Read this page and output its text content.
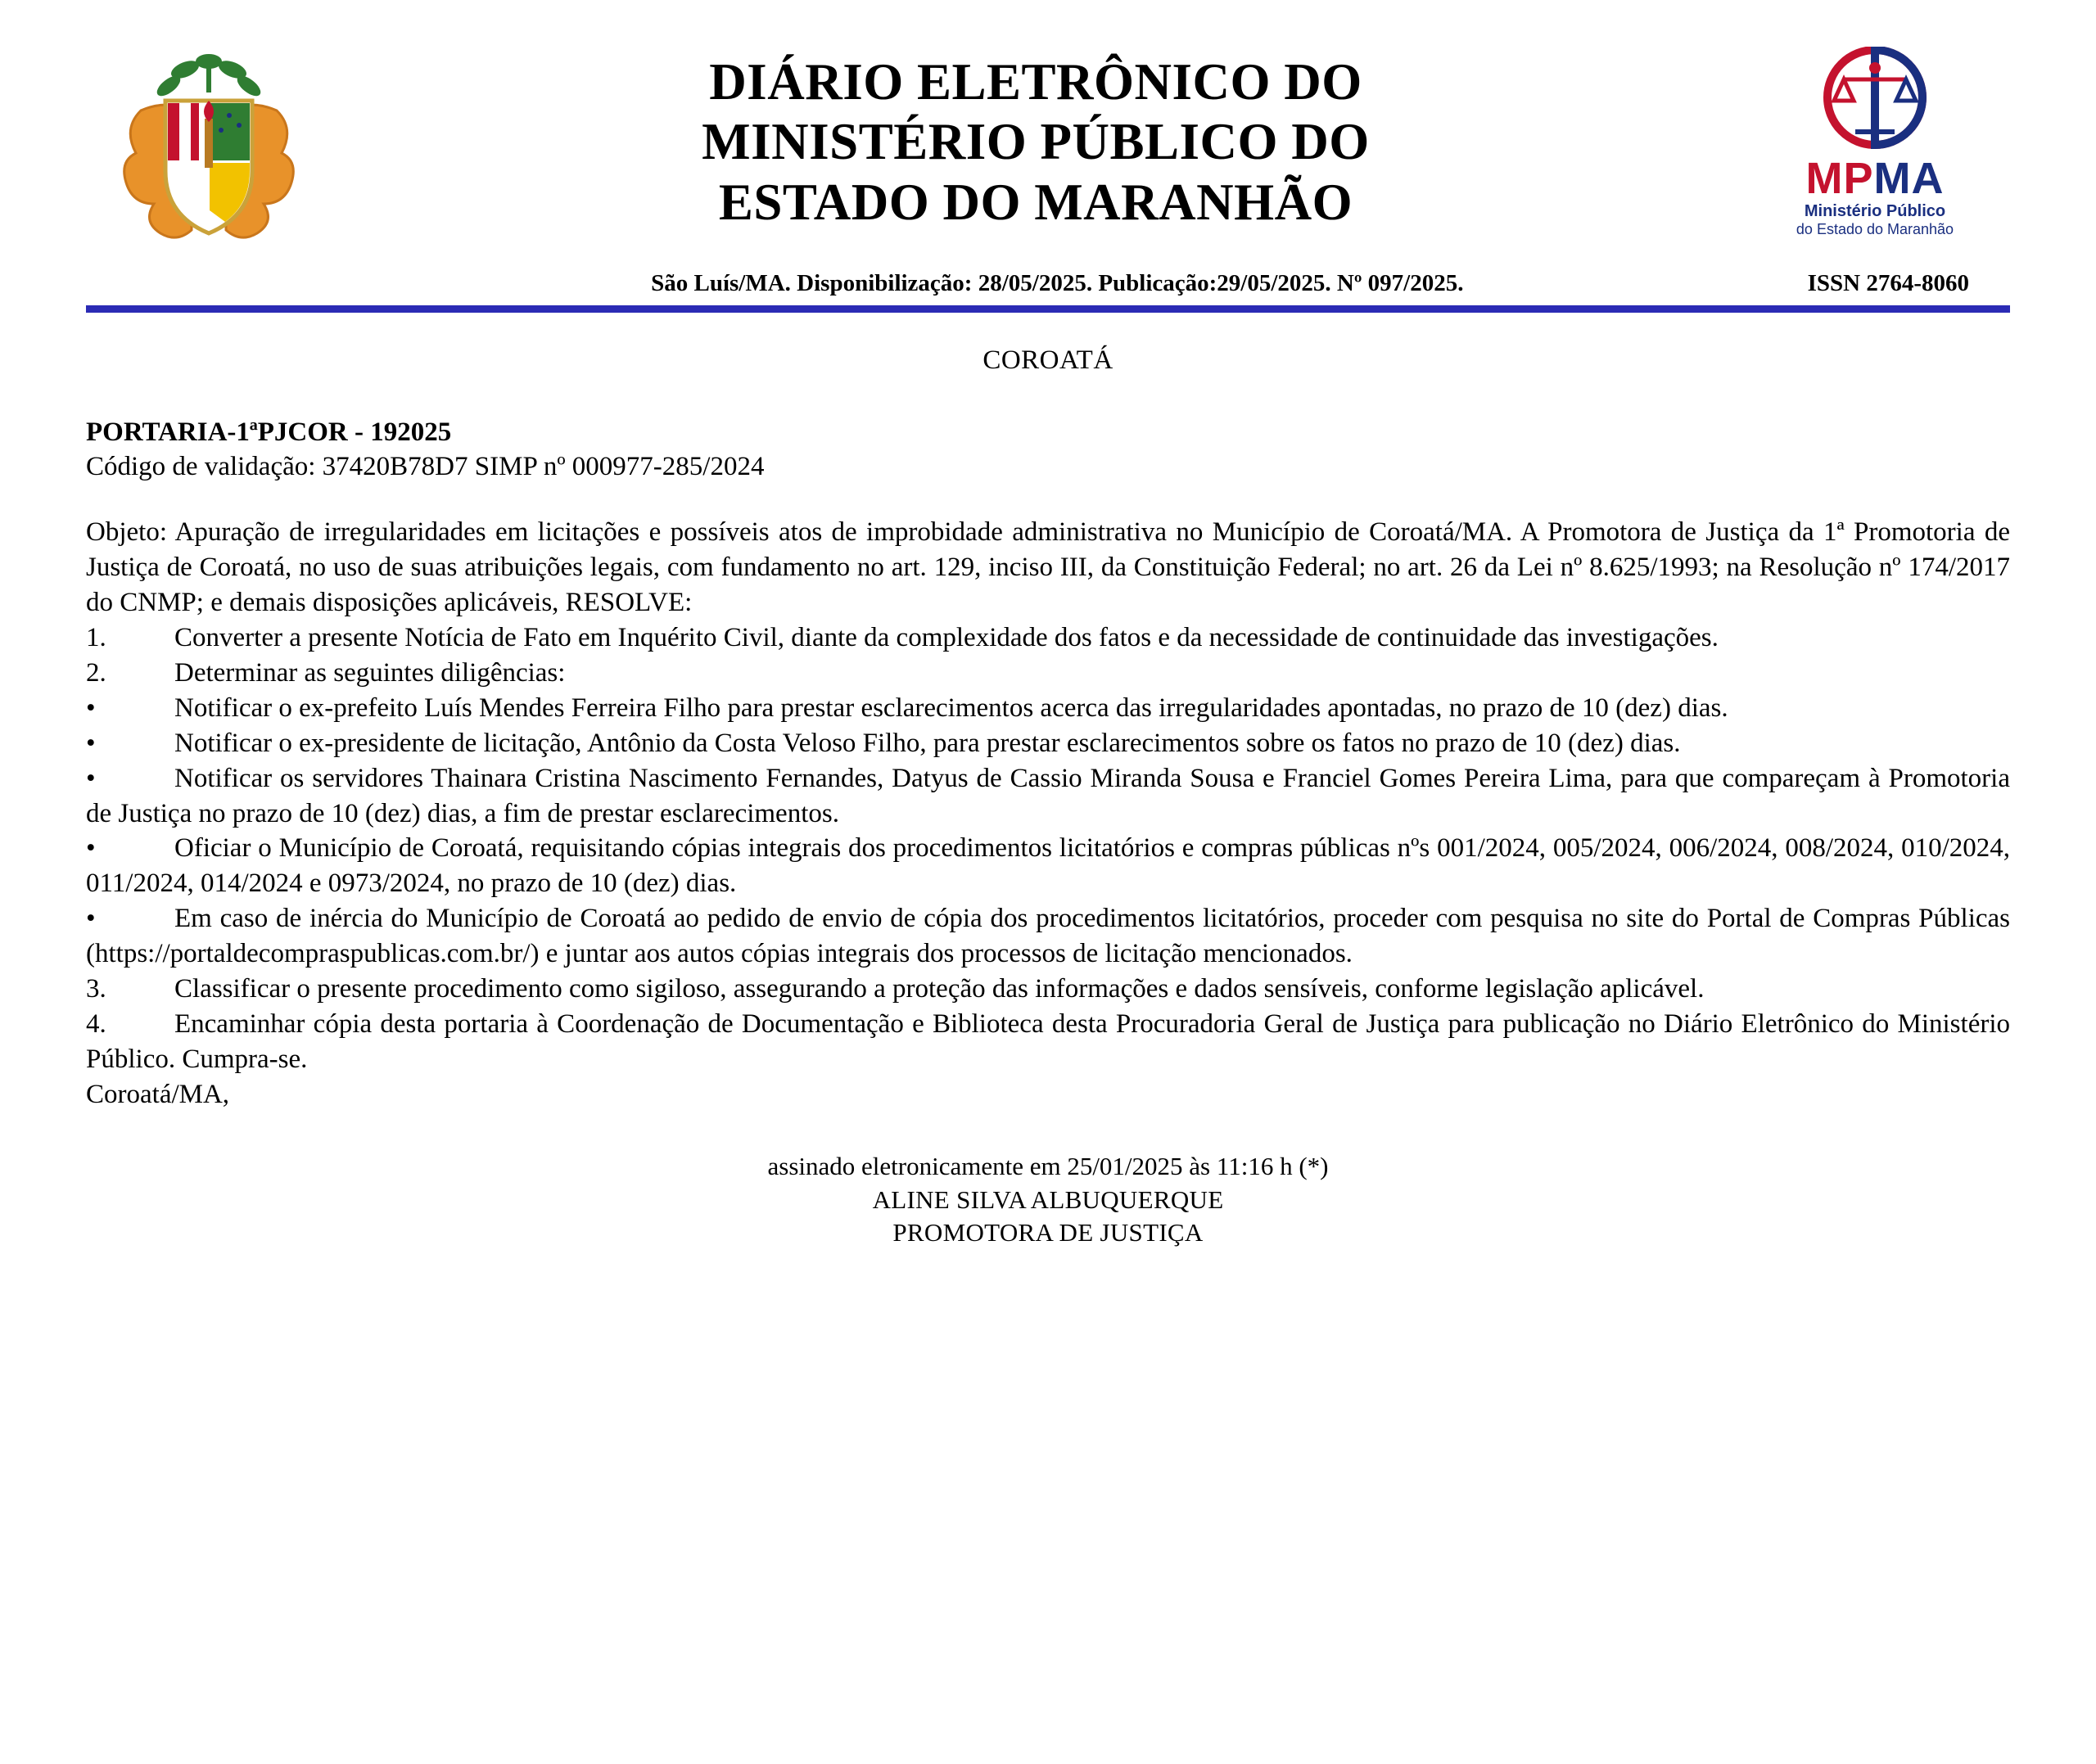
DIÁRIO ELETRÔNICO DO
MINISTÉRIO PÚBLICO DO
ESTADO DO MARANHÃO	MPMA
Ministério Público
do Estado do Maranhão
São Luís/MA. Disponibilização: 28/05/2025. Publicação:29/05/2025. Nº 097/2025.	ISSN 2764-8060
COROATÁ
PORTARIA-1ªPJCOR - 192025
Código de validação: 37420B78D7 SIMP nº 000977-285/2024

Objeto: Apuração de irregularidades em licitações e possíveis atos de improbidade administrativa no Município de Coroatá/MA. A Promotora de Justiça da 1ª Promotoria de Justiça de Coroatá, no uso de suas atribuições legais, com fundamento no art. 129, inciso III, da Constituição Federal; no art. 26 da Lei nº 8.625/1993; na Resolução nº 174/2017 do CNMP; e demais disposições aplicáveis, RESOLVE:

1.	Converter a presente Notícia de Fato em Inquérito Civil, diante da complexidade dos fatos e da necessidade de continuidade das investigações.

2.	Determinar as seguintes diligências:

•	Notificar o ex-prefeito Luís Mendes Ferreira Filho para prestar esclarecimentos acerca das irregularidades apontadas, no prazo de 10 (dez) dias.

•	Notificar o ex-presidente de licitação, Antônio da Costa Veloso Filho, para prestar esclarecimentos sobre os fatos no prazo de 10 (dez) dias.

•	Notificar os servidores Thainara Cristina Nascimento Fernandes, Datyus de Cassio Miranda Sousa e Franciel Gomes Pereira Lima, para que compareçam à Promotoria de Justiça no prazo de 10 (dez) dias, a fim de prestar esclarecimentos.

•	Oficiar o Município de Coroatá, requisitando cópias integrais dos procedimentos licitatórios e compras públicas nºs 001/2024, 005/2024, 006/2024, 008/2024, 010/2024, 011/2024, 014/2024 e 0973/2024, no prazo de 10 (dez) dias.

•	Em caso de inércia do Município de Coroatá ao pedido de envio de cópia dos procedimentos licitatórios, proceder com pesquisa no site do Portal de Compras Públicas (https://portaldecompraspublicas.com.br/) e juntar aos autos cópias integrais dos processos de licitação mencionados.

3.	Classificar o presente procedimento como sigiloso, assegurando a proteção das informações e dados sensíveis, conforme legislação aplicável.

4.	Encaminhar cópia desta portaria à Coordenação de Documentação e Biblioteca desta Procuradoria Geral de Justiça para publicação no Diário Eletrônico do Ministério Público. Cumpra-se.

Coroatá/MA,

assinado eletronicamente em 25/01/2025 às 11:16 h (*)
ALINE SILVA ALBUQUERQUE
PROMOTORA DE JUSTIÇA
